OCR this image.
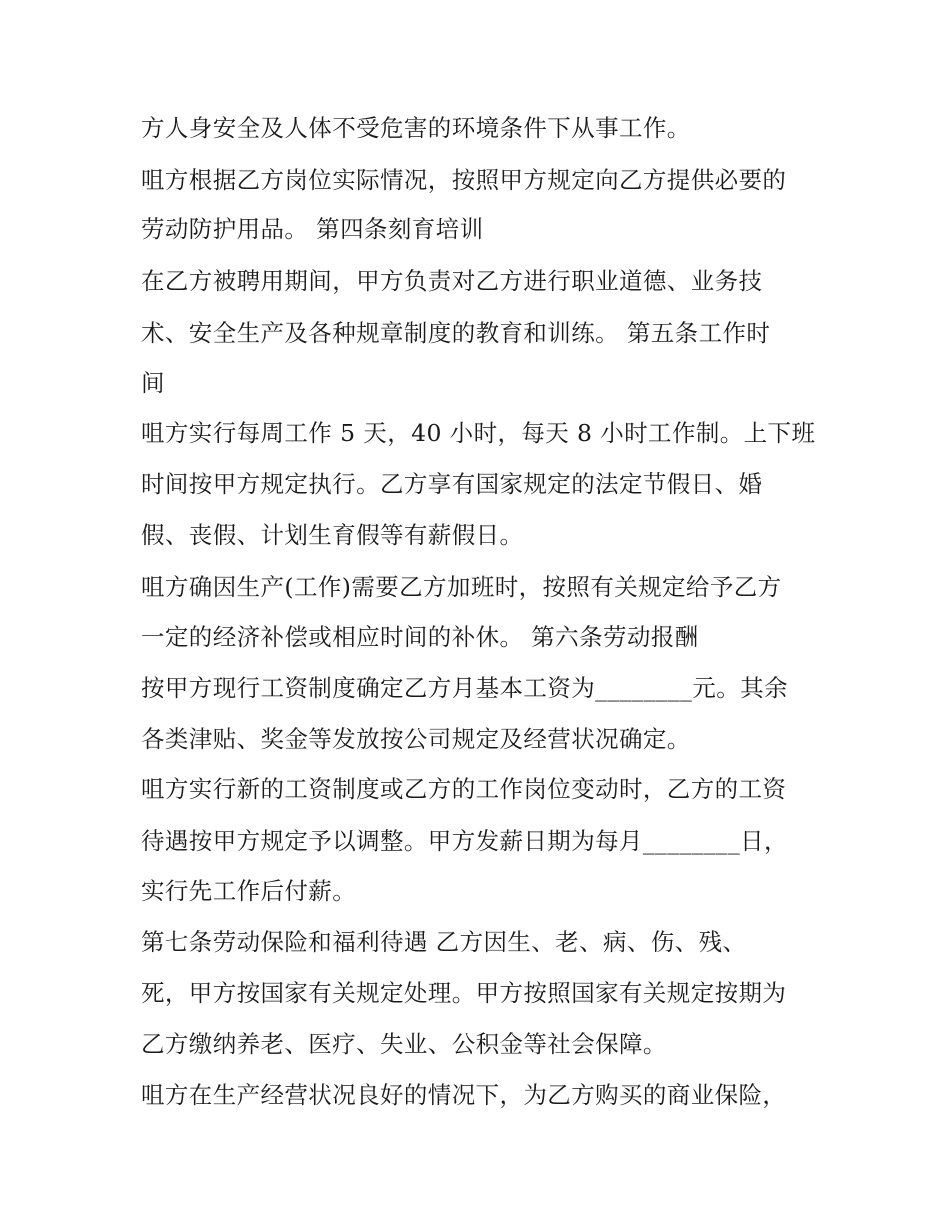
方人身安全及人体不受危害的环境条件下从事工作。
咀方根据乙方岗位实际情况，按照甲方规定向乙方提供必要的
劳动防护用品。 第四条刻育培训
在乙方被聘用期间，甲方负责对乙方进行职业道德、业务技
术、安全生产及各种规章制度的教育和训练。 第五条工作时
间
咀方实行每周工作 5 天，40 小时，每天 8 小时工作制。上下班
时间按甲方规定执行。乙方享有国家规定的法定节假日、婚
假、丧假、计划生育假等有薪假日。
咀方确因生产(工作)需要乙方加班时，按照有关规定给予乙方
一定的经济补偿或相应时间的补休。 第六条劳动报酬
按甲方现行工资制度确定乙方月基本工资为________元。其余
各类津贴、奖金等发放按公司规定及经营状况确定。
咀方实行新的工资制度或乙方的工作岗位变动时，乙方的工资
待遇按甲方规定予以调整。甲方发薪日期为每月________日，
实行先工作后付薪。
第七条劳动保险和福利待遇 乙方因生、老、病、伤、残、
死，甲方按国家有关规定处理。甲方按照国家有关规定按期为
乙方缴纳养老、医疗、失业、公积金等社会保障。
咀方在生产经营状况良好的情况下，为乙方购买的商业保险，
